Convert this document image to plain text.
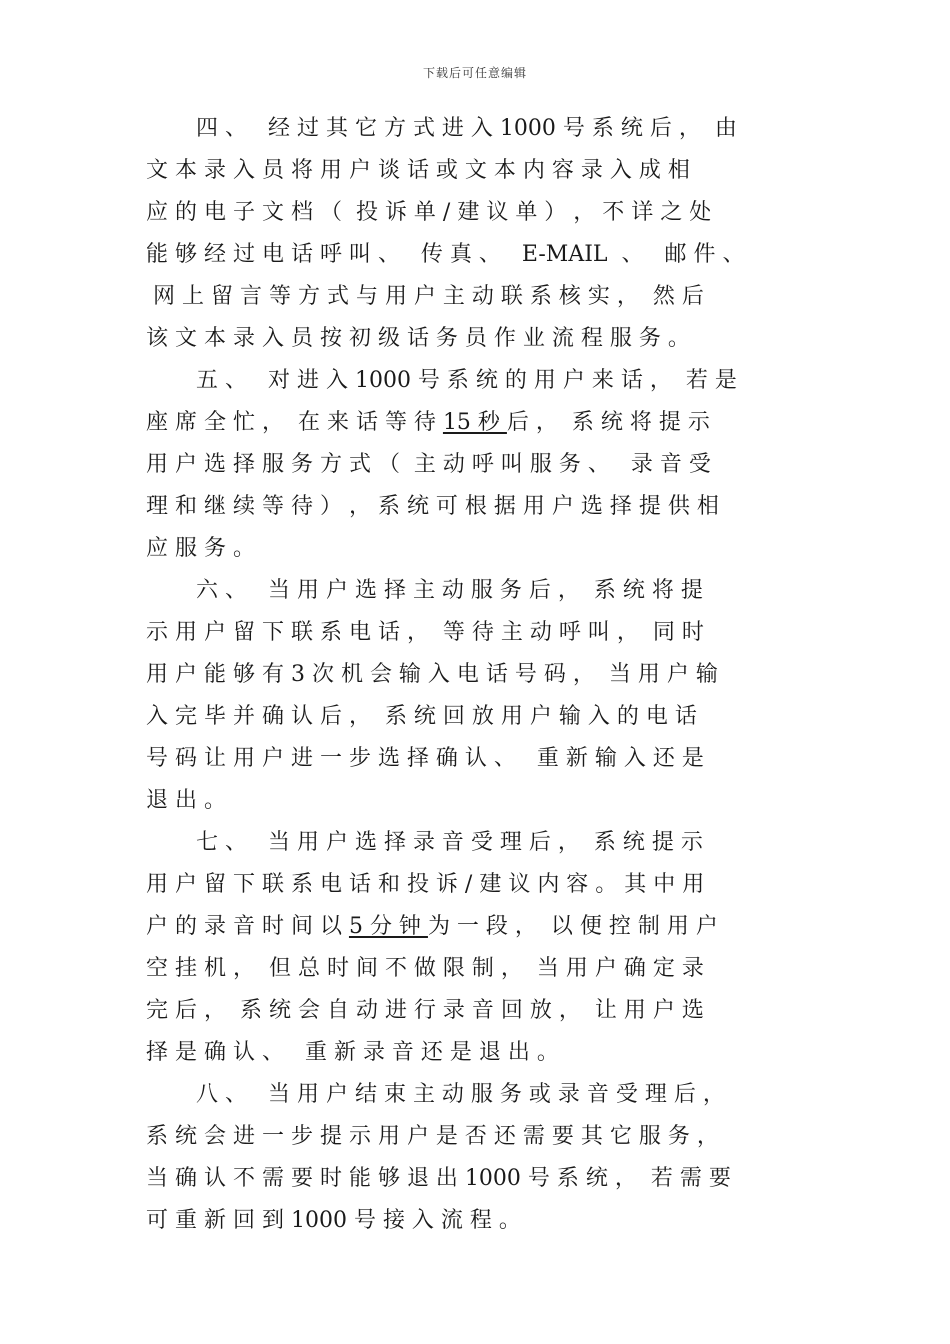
下载后可任意编辑
四 、   经 过 其 它 方 式 进 入 1000 号 系 统 后 ，  由
文 本 录 入 员 将 用 户 谈 话 或 文 本 内 容 录 入 成 相
应 的 电 子 文 档 （  投 诉 单 / 建 议 单 ） ， 不 详 之 处
能 够 经 过 电 话 呼 叫 、   传 真 、   E-MAIL  、   邮 件 、
网 上 留 言 等 方 式 与 用 户 主 动 联 系 核 实 ，  然 后
该 文 本 录 入 员 按 初 级 话 务 员 作 业 流 程 服 务 。
五 、   对 进 入 1000 号 系 统 的 用 户 来 话 ，  若 是
座 席 全 忙 ，  在 来 话 等 待 15 秒 后 ，  系 统 将 提 示
用 户 选 择 服 务 方 式 （  主 动 呼 叫 服 务 、   录 音 受
理 和 继 续 等 待 ） ， 系 统 可 根 据 用 户 选 择 提 供 相
应 服 务 。
六 、   当 用 户 选 择 主 动 服 务 后 ，  系 统 将 提
示 用 户 留 下 联 系 电 话 ，  等 待 主 动 呼 叫 ，  同 时
用 户 能 够 有 3 次 机 会 输 入 电 话 号 码 ，  当 用 户 输
入 完 毕 并 确 认 后 ，  系 统 回 放 用 户 输 入 的 电 话
号 码 让 用 户 进 一 步 选 择 确 认 、   重 新 输 入 还 是
退 出 。
七 、   当 用 户 选 择 录 音 受 理 后 ，  系 统 提 示
用 户 留 下 联 系 电 话 和 投 诉 / 建 议 内 容 。 其 中 用
户 的 录 音 时 间 以 5 分 钟 为 一 段 ，  以 便 控 制 用 户
空 挂 机 ，  但 总 时 间 不 做 限 制 ，  当 用 户 确 定 录
完 后 ，  系 统 会 自 动 进 行 录 音 回 放 ，  让 用 户 选
择 是 确 认 、   重 新 录 音 还 是 退 出 。
八 、   当 用 户 结 束 主 动 服 务 或 录 音 受 理 后 ，
系 统 会 进 一 步 提 示 用 户 是 否 还 需 要 其 它 服 务 ，
当 确 认 不 需 要 时 能 够 退 出 1000 号 系 统 ，  若 需 要
可 重 新 回 到 1000 号 接 入 流 程 。
